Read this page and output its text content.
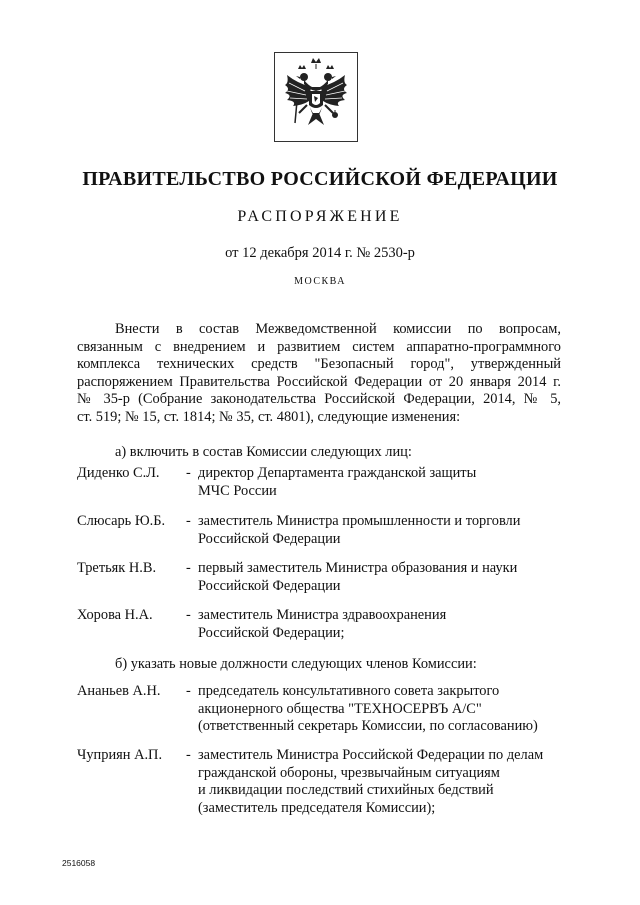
ПРАВИТЕЛЬСТВО РОССИЙСКОЙ ФЕДЕРАЦИИ
РАСПОРЯЖЕНИЕ
от 12 декабря 2014 г. № 2530-р
МОСКВА
Внести в состав Межведомственной комиссии по вопросам,
связанным с внедрением и развитием систем аппаратно-программного
комплекса технических средств "Безопасный город", утвержденный
распоряжением Правительства Российской Федерации от 20 января 2014 г.
№ 35-р (Собрание законодательства Российской Федерации, 2014, № 5,
ст. 519; № 15, ст. 1814; № 35, ст. 4801), следующие изменения:
а) включить в состав Комиссии следующих лиц:
Диденко С.Л. - директор Департамента гражданской защиты
МЧС России
Слюсарь Ю.Б. - заместитель Министра промышленности и торговли
Российской Федерации
Третьяк Н.В. - первый заместитель Министра образования и науки
Российской Федерации
Хорова Н.А. - заместитель Министра здравоохранения
Российской Федерации;
б) указать новые должности следующих членов Комиссии:
Ананьев А.Н. - председатель консультативного совета закрытого
акционерного общества "ТЕХНОСЕРВЪ А/С"
(ответственный секретарь Комиссии, по согласованию)
Чуприян А.П. - заместитель Министра Российской Федерации по делам
гражданской обороны, чрезвычайным ситуациям
и ликвидации последствий стихийных бедствий
(заместитель председателя Комиссии);
2516058
